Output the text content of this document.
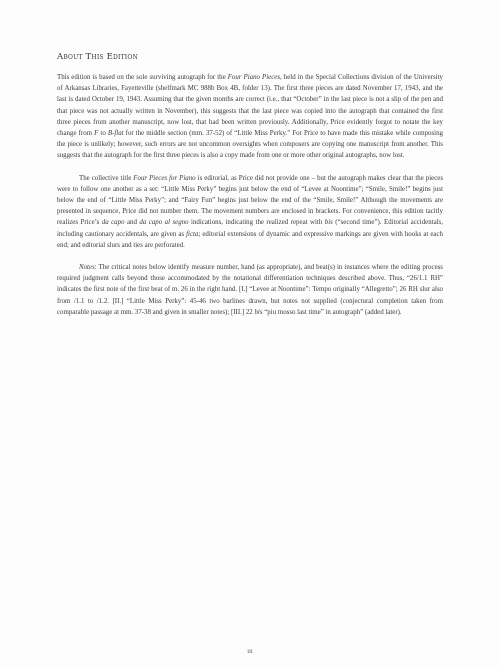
About This Edition

This edition is based on the sole surviving autograph for the Four Piano Pieces, held in the Special Collections division of the University of Arkansas Libraries, Fayetteville (shelfmark MC 988b Box 4B, folder 13). The first three pieces are dated November 17, 1943, and the last is dated October 19, 1943. Assuming that the given months are correct (i.e., that “October” in the last piece is not a slip of the pen and that piece was not actually written in November), this suggests that the last piece was copied into the autograph that contained the first three pieces from another manuscript, now lost, that had been written previously. Additionally, Price evidently forgot to notate the key change from F to B-flat for the middle section (mm. 37-52) of “Little Miss Perky.” For Price to have made this mistake while composing the piece is unlikely; however, such errors are not uncommon oversights when composers are copying one manuscript from another. This suggests that the autograph for the first three pieces is also a copy made from one or more other original autographs, now lost.

The collective title Four Pieces for Piano is editorial, as Price did not provide one – but the autograph makes clear that the pieces were to follow one another as a set: “Little Miss Perky” begins just below the end of “Levee at Noontime”; “Smile, Smile!” begins just below the end of “Little Miss Perky”; and “Fairy Fun” begins just below the end of the “Smile, Smile!” Although the movements are presented in sequence, Price did not number them. The movement numbers are enclosed in brackets. For convenience, this edition tacitly realizes Price’s da capo and da capo al segno indications, indicating the realized repeat with bis (“second time”). Editorial accidentals, including cautionary accidentals, are given as ficta; editorial extensions of dynamic and expressive markings are given with hooks at each end; and editorial slurs and ties are perforated.

Notes: The critical notes below identify measure number, hand (as appropriate), and beat(s) in instances where the editing process required judgment calls beyond those accommodated by the notational differentiation techniques described above. Thus, “26/1.1 RH” indicates the first note of the first beat of m. 26 in the right hand. [I.] “Levee at Noontime”: Tempo originally “Allegretto”; 26 RH slur also from /1.1 to /1.2. [II.] “Little Miss Perky”: 45-46 two barlines drawn, but notes not supplied (conjectural completion taken from comparable passage at mm. 37-38 and given in smaller notes); [III.] 22 bis “piu mosso last time” in autograph” (added later).

iii
